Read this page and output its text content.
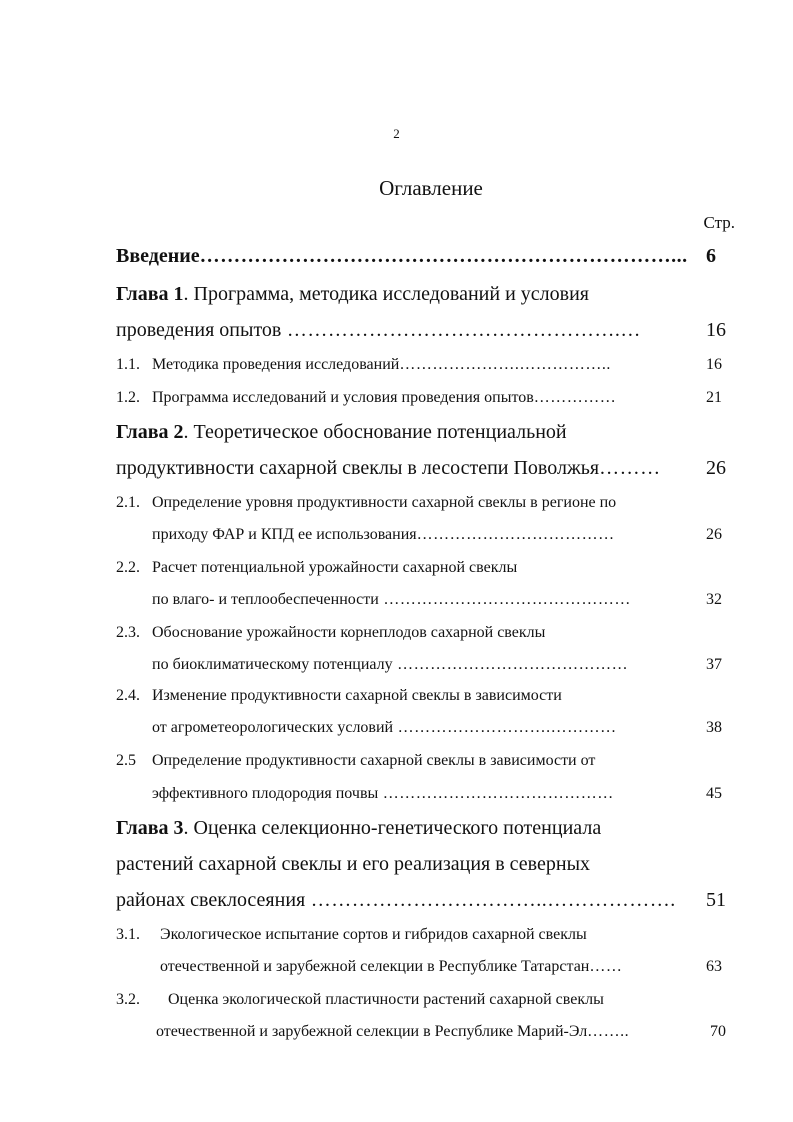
2
Оглавление
Стр.
Введение……………………………………………………………... 6
Глава 1. Программа, методика исследований и условия
проведения опытов ………………………………………….…	16
1.1. Методика проведения исследований………………….……………..	16
1.2. Программа исследований и условия проведения опытов……………	21
Глава 2. Теоретическое обоснование потенциальной
продуктивности сахарной свеклы в лесостепи Поволжья……… 26
2.1. Определение уровня продуктивности сахарной свеклы в регионе по
приходу ФАР и КПД ее использования………………………………	26
2.2. Расчет потенциальной урожайности сахарной свеклы
по влаго- и теплообеспеченности ………………………………………	32
2.3. Обоснование урожайности корнеплодов сахарной свеклы
по биоклиматическому потенциалу ……………………………………	37
2.4. Изменение продуктивности сахарной свеклы в зависимости
от агрометеорологических условий ……………………….…………	38
2.5 Определение продуктивности сахарной свеклы в зависимости от
эффективного плодородия почвы ……………………………………	45
Глава 3. Оценка селекционно-генетического потенциала
растений сахарной свеклы и его реализация в северных
районах свеклосеяния ……………………………..………………. 51
3.1. Экологическое испытание сортов и гибридов сахарной свеклы
отечественной и зарубежной селекции в Республике Татарстан……	63
3.2. Оценка экологической пластичности растений сахарной свеклы
отечественной и зарубежной селекции в Республике Марий-Эл……..	70
